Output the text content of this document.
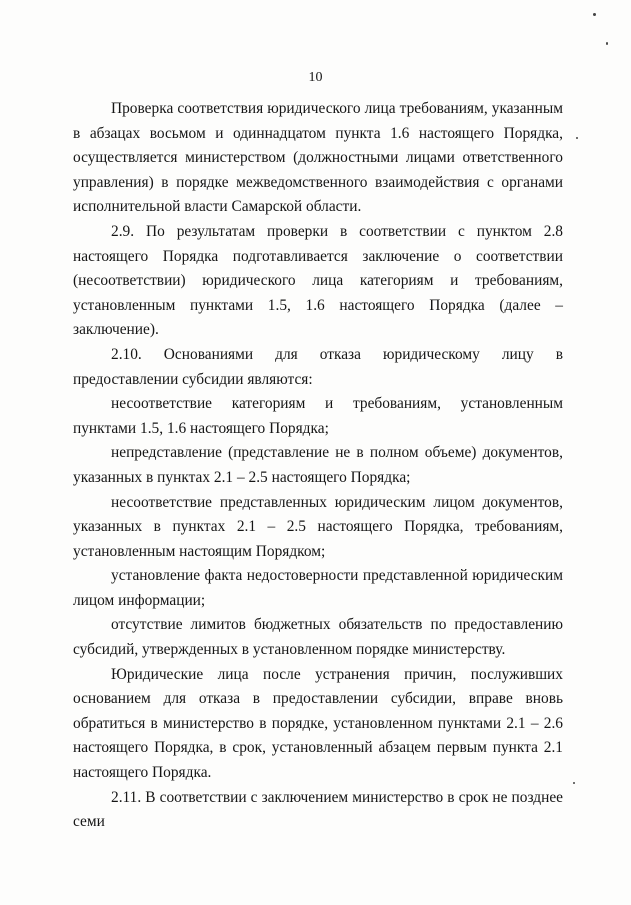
10

Проверка соответствия юридического лица требованиям, указанным в абзацах восьмом и одиннадцатом пункта 1.6 настоящего Порядка, осуществляется министерством (должностными лицами ответственного управления) в порядке межведомственного взаимодействия с органами исполнительной власти Самарской области.

2.9. По результатам проверки в соответствии с пунктом 2.8 настоящего Порядка подготавливается заключение о соответствии (несоответствии) юридического лица категориям и требованиям, установленным пунктами 1.5, 1.6 настоящего Порядка (далее – заключение).

2.10. Основаниями для отказа юридическому лицу в предоставлении субсидии являются:

несоответствие категориям и требованиям, установленным пунктами 1.5, 1.6 настоящего Порядка;

непредставление (представление не в полном объеме) документов, указанных в пунктах 2.1 – 2.5 настоящего Порядка;

несоответствие представленных юридическим лицом документов, указанных в пунктах 2.1 – 2.5 настоящего Порядка, требованиям, установленным настоящим Порядком;

установление факта недостоверности представленной юридическим лицом информации;

отсутствие лимитов бюджетных обязательств по предоставлению субсидий, утвержденных в установленном порядке министерству.

Юридические лица после устранения причин, послуживших основанием для отказа в предоставлении субсидии, вправе вновь обратиться в министерство в порядке, установленном пунктами 2.1 – 2.6 настоящего Порядка, в срок, установленный абзацем первым пункта 2.1 настоящего Порядка.

2.11. В соответствии с заключением министерство в срок не позднее семи
